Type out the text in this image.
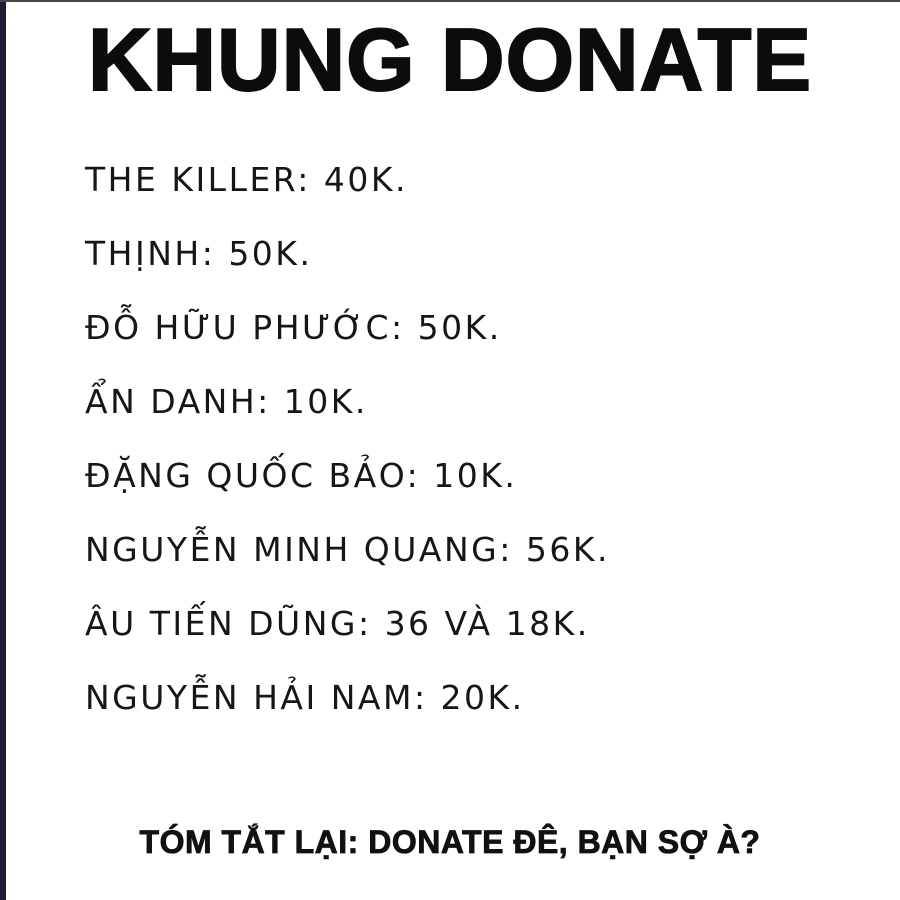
KHUNG DONATE
THE KILLER: 40K.
THỊNH: 50K.
ĐỖ HỮU PHƯỚC: 50K.
ẨN DANH: 10K.
ĐẶNG QUỐC BẢO: 10K.
NGUYỄN MINH QUANG: 56K.
ÂU TIẾN DŨNG: 36 VÀ 18K.
NGUYỄN HẢI NAM: 20K.
TÓM TẮT LẠI: DONATE ĐÊ, BẠN SỢ À?
